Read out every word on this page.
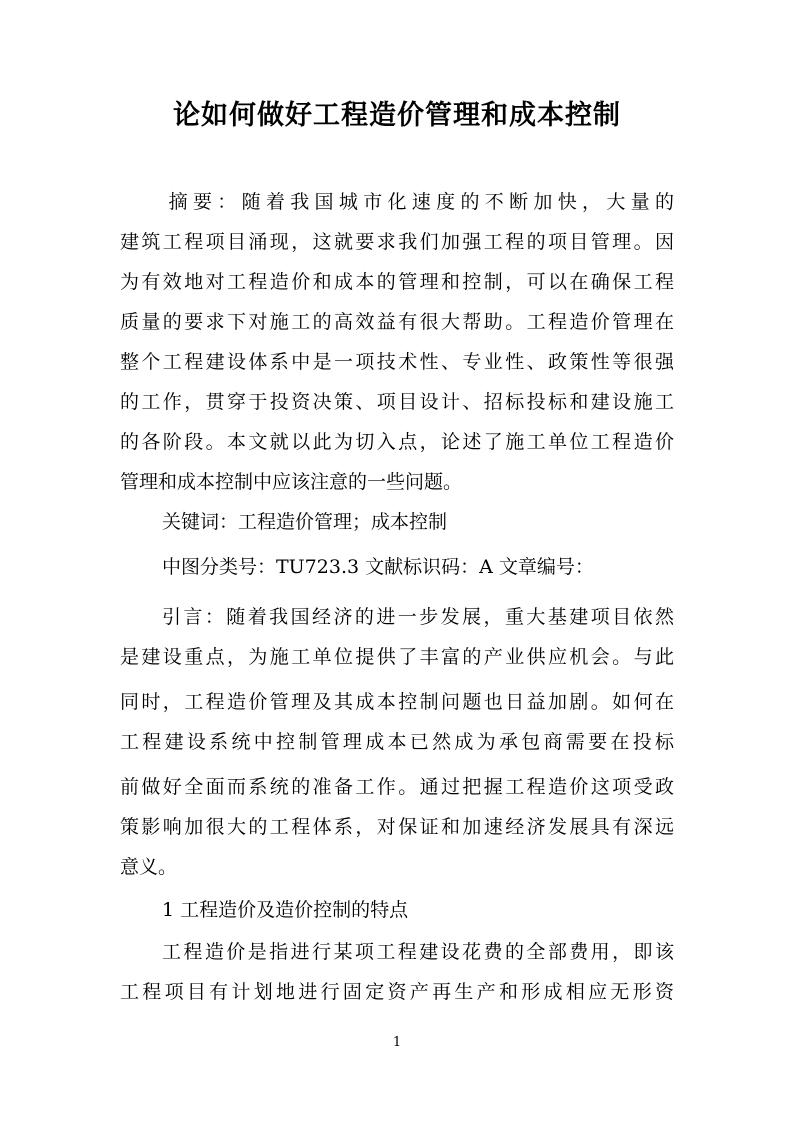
论如何做好工程造价管理和成本控制
　　摘要：随着我国城市化速度的不断加快，大量的
建筑工程项目涌现，这就要求我们加强工程的项目管理。因
为有效地对工程造价和成本的管理和控制，可以在确保工程
质量的要求下对施工的高效益有很大帮助。工程造价管理在
整个工程建设体系中是一项技术性、专业性、政策性等很强
的工作，贯穿于投资决策、项目设计、招标投标和建设施工
的各阶段。本文就以此为切入点，论述了施工单位工程造价
管理和成本控制中应该注意的一些问题。
关键词：工程造价管理；成本控制
中图分类号：TU723.3 文献标识码：A 文章编号：
引言：随着我国经济的进一步发展，重大基建项目依然
是建设重点，为施工单位提供了丰富的产业供应机会。与此
同时，工程造价管理及其成本控制问题也日益加剧。如何在
工程建设系统中控制管理成本已然成为承包商需要在投标
前做好全面而系统的准备工作。通过把握工程造价这项受政
策影响加很大的工程体系，对保证和加速经济发展具有深远
意义。
1 工程造价及造价控制的特点
工程造价是指进行某项工程建设花费的全部费用，即该
工程项目有计划地进行固定资产再生产和形成相应无形资
1
